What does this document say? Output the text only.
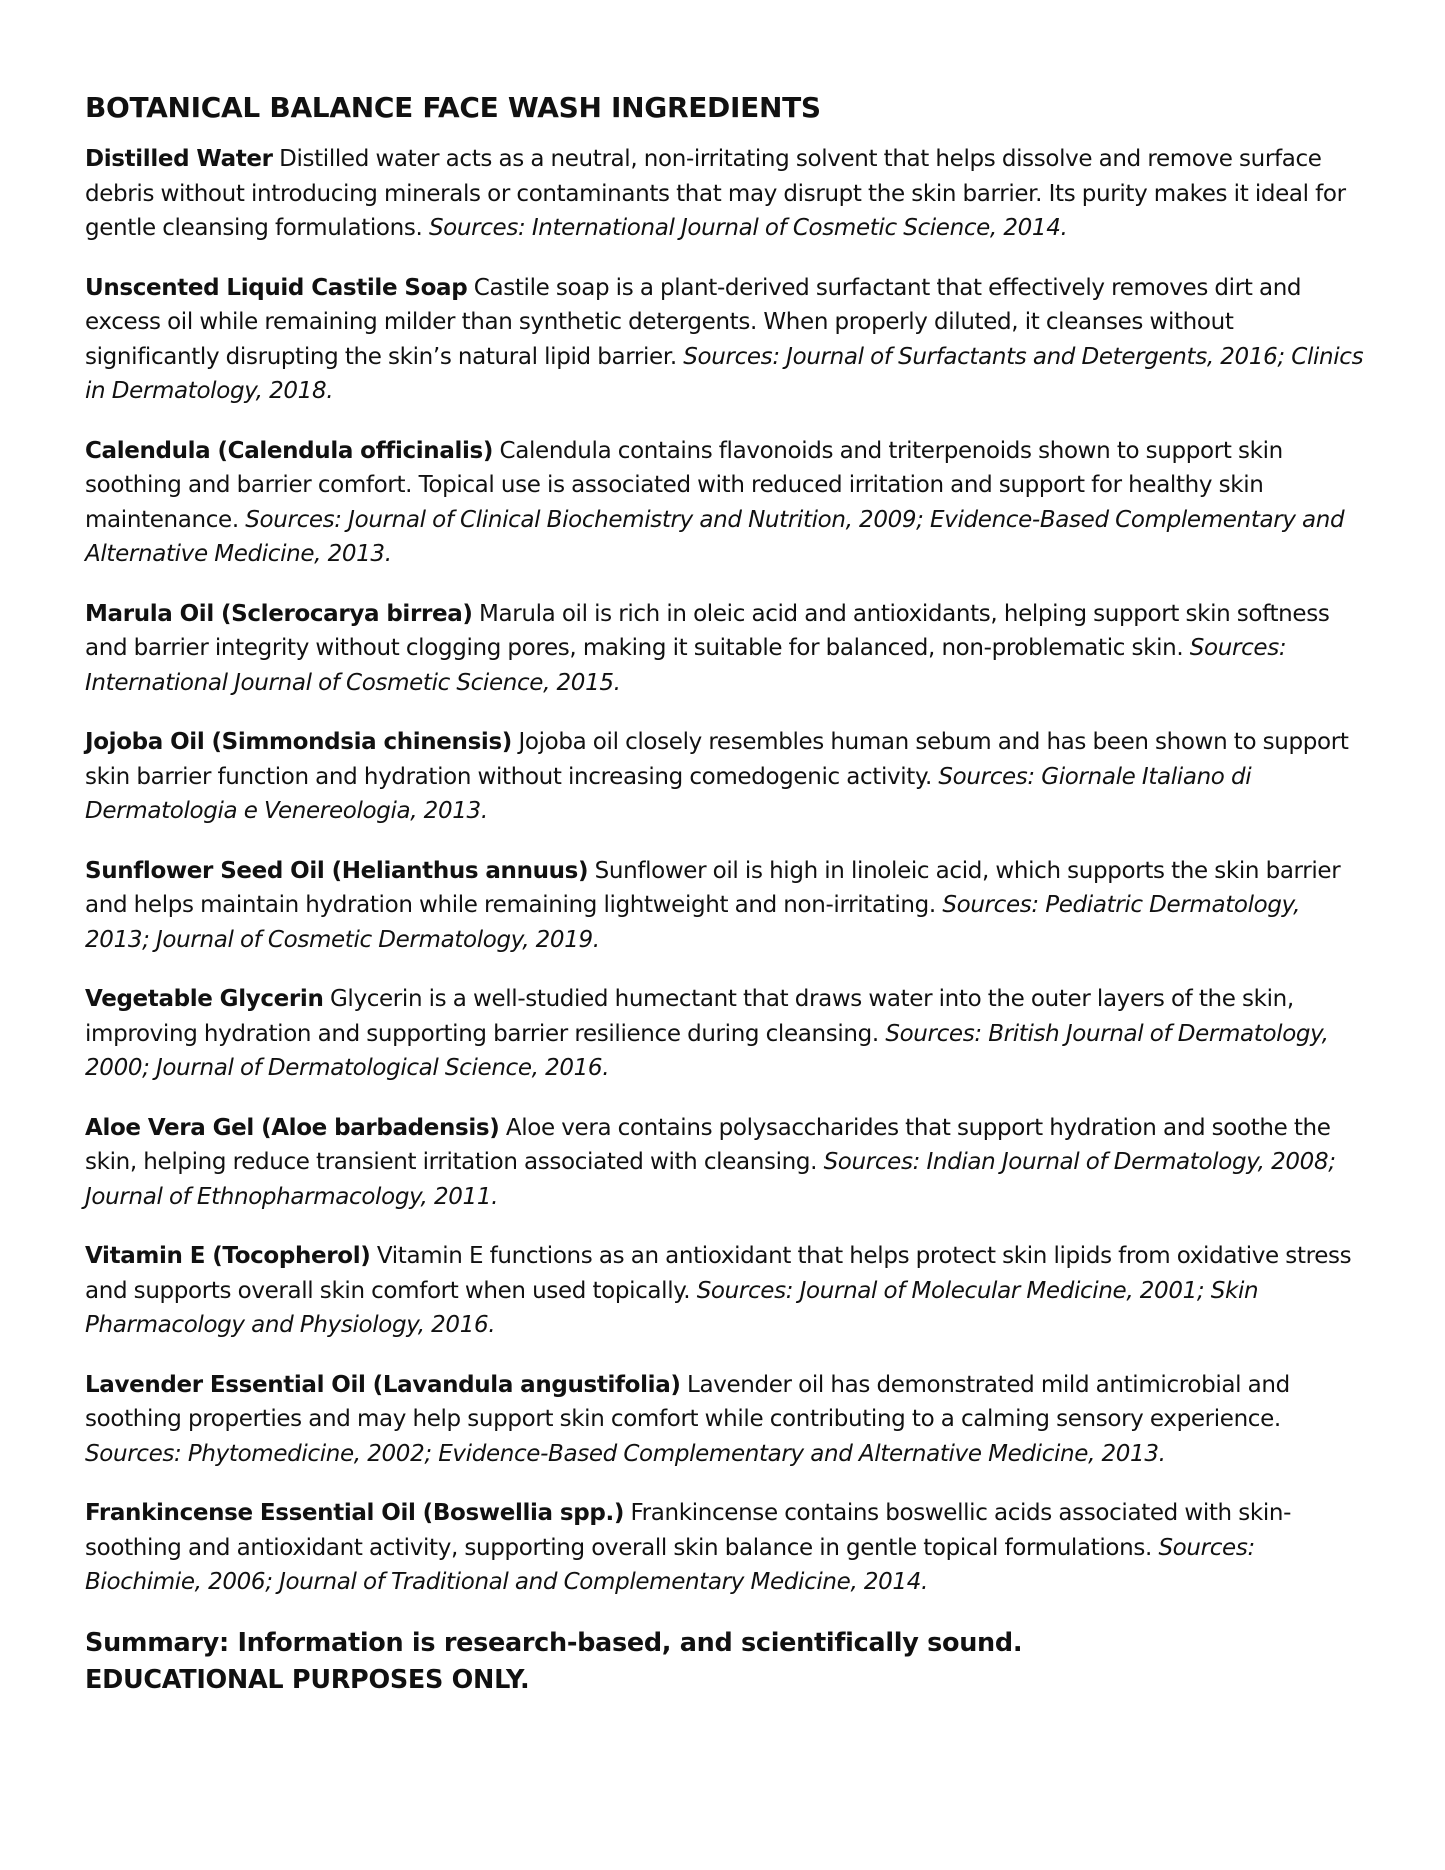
BOTANICAL BALANCE FACE WASH INGREDIENTS

Distilled Water Distilled water acts as a neutral, non-irritating solvent that helps dissolve and remove surface debris without introducing minerals or contaminants that may disrupt the skin barrier. Its purity makes it ideal for gentle cleansing formulations. Sources: International Journal of Cosmetic Science, 2014.

Unscented Liquid Castile Soap Castile soap is a plant-derived surfactant that effectively removes dirt and excess oil while remaining milder than synthetic detergents. When properly diluted, it cleanses without significantly disrupting the skin’s natural lipid barrier. Sources: Journal of Surfactants and Detergents, 2016; Clinics in Dermatology, 2018.

Calendula (Calendula officinalis) Calendula contains flavonoids and triterpenoids shown to support skin soothing and barrier comfort. Topical use is associated with reduced irritation and support for healthy skin maintenance. Sources: Journal of Clinical Biochemistry and Nutrition, 2009; Evidence-Based Complementary and Alternative Medicine, 2013.

Marula Oil (Sclerocarya birrea) Marula oil is rich in oleic acid and antioxidants, helping support skin softness and barrier integrity without clogging pores, making it suitable for balanced, non-problematic skin. Sources: International Journal of Cosmetic Science, 2015.

Jojoba Oil (Simmondsia chinensis) Jojoba oil closely resembles human sebum and has been shown to support skin barrier function and hydration without increasing comedogenic activity. Sources: Giornale Italiano di Dermatologia e Venereologia, 2013.

Sunflower Seed Oil (Helianthus annuus) Sunflower oil is high in linoleic acid, which supports the skin barrier and helps maintain hydration while remaining lightweight and non-irritating. Sources: Pediatric Dermatology, 2013; Journal of Cosmetic Dermatology, 2019.

Vegetable Glycerin Glycerin is a well-studied humectant that draws water into the outer layers of the skin, improving hydration and supporting barrier resilience during cleansing. Sources: British Journal of Dermatology, 2000; Journal of Dermatological Science, 2016.

Aloe Vera Gel (Aloe barbadensis) Aloe vera contains polysaccharides that support hydration and soothe the skin, helping reduce transient irritation associated with cleansing. Sources: Indian Journal of Dermatology, 2008; Journal of Ethnopharmacology, 2011.

Vitamin E (Tocopherol) Vitamin E functions as an antioxidant that helps protect skin lipids from oxidative stress and supports overall skin comfort when used topically. Sources: Journal of Molecular Medicine, 2001; Skin Pharmacology and Physiology, 2016.

Lavender Essential Oil (Lavandula angustifolia) Lavender oil has demonstrated mild antimicrobial and soothing properties and may help support skin comfort while contributing to a calming sensory experience. Sources: Phytomedicine, 2002; Evidence-Based Complementary and Alternative Medicine, 2013.

Frankincense Essential Oil (Boswellia spp.) Frankincense contains boswellic acids associated with skin-soothing and antioxidant activity, supporting overall skin balance in gentle topical formulations. Sources: Biochimie, 2006; Journal of Traditional and Complementary Medicine, 2014.

Summary: Information is research-based, and scientifically sound.
EDUCATIONAL PURPOSES ONLY.
